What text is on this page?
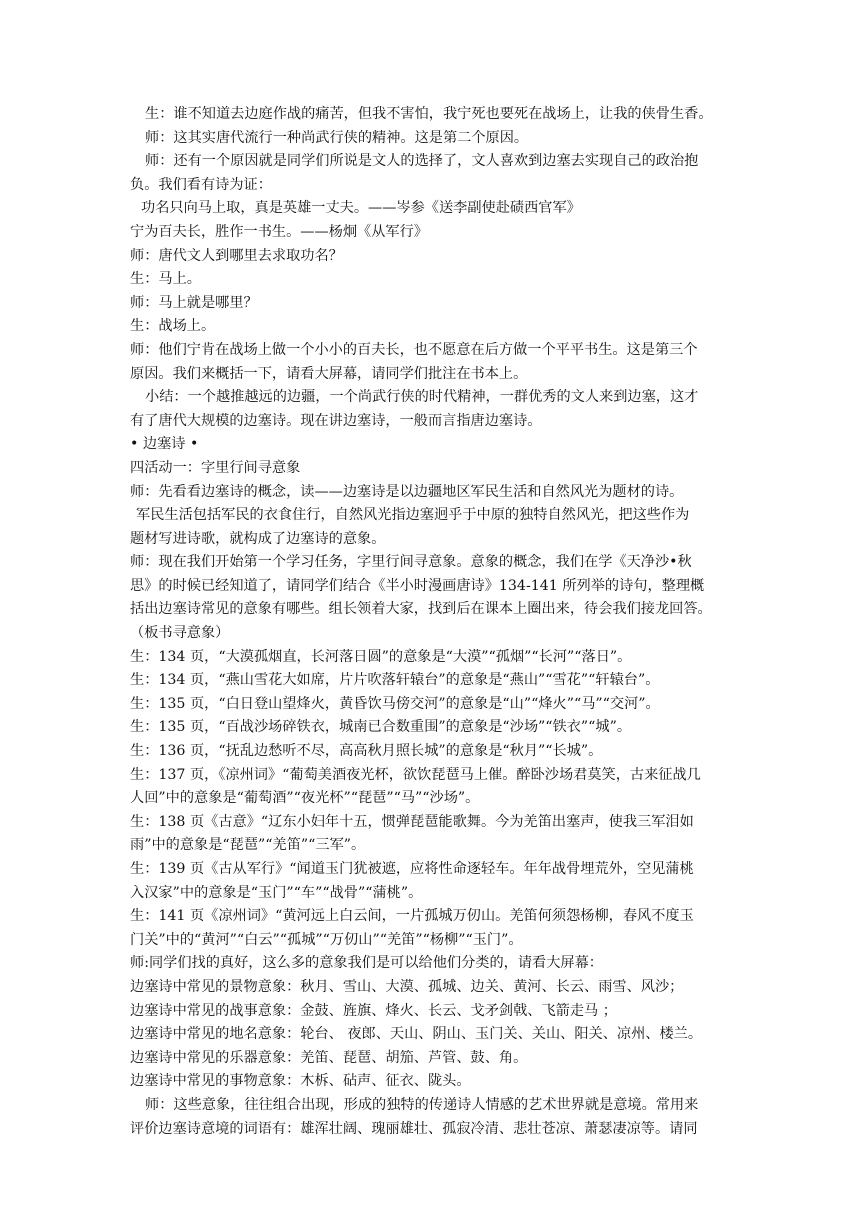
生：谁不知道去边庭作战的痛苦，但我不害怕，我宁死也要死在战场上，让我的侠骨生香。
师：这其实唐代流行一种尚武行侠的精神。这是第二个原因。
师：还有一个原因就是同学们所说是文人的选择了，文人喜欢到边塞去实现自己的政治抱
负。我们看有诗为证：
功名只向马上取，真是英雄一丈夫。——岑参《送李副使赴碛西官军》
宁为百夫长，胜作一书生。——杨炯《从军行》
师：唐代文人到哪里去求取功名？
生：马上。
师：马上就是哪里？
生：战场上。
师：他们宁肯在战场上做一个小小的百夫长，也不愿意在后方做一个平平书生。这是第三个
原因。我们来概括一下，请看大屏幕，请同学们批注在书本上。
小结：一个越推越远的边疆，一个尚武行侠的时代精神，一群优秀的文人来到边塞，这才
有了唐代大规模的边塞诗。现在讲边塞诗，一般而言指唐边塞诗。
• 边塞诗 •
四活动一：字里行间寻意象
师：先看看边塞诗的概念，读——边塞诗是以边疆地区军民生活和自然风光为题材的诗。
军民生活包括军民的衣食住行，自然风光指边塞迥乎于中原的独特自然风光，把这些作为
题材写进诗歌，就构成了边塞诗的意象。
师：现在我们开始第一个学习任务，字里行间寻意象。意象的概念，我们在学《天净沙•秋
思》的时候已经知道了，请同学们结合《半小时漫画唐诗》134-141 所列举的诗句，整理概
括出边塞诗常见的意象有哪些。组长领着大家，找到后在课本上圈出来，待会我们接龙回答。
（板书寻意象）
生：134 页，“大漠孤烟直，长河落日圆”的意象是“大漠”“孤烟”“长河”“落日”。
生：134 页，“燕山雪花大如席，片片吹落轩辕台”的意象是“燕山”“雪花”“轩辕台”。
生：135 页，“白日登山望烽火，黄昏饮马傍交河”的意象是“山”“烽火”“马”“交河”。
生：135 页，“百战沙场碎铁衣，城南已合数重围”的意象是“沙场”“铁衣”“城”。
生：136 页，“抚乱边愁听不尽，高高秋月照长城”的意象是“秋月”“长城”。
生：137 页，《凉州词》“葡萄美酒夜光杯，欲饮琵琶马上催。醉卧沙场君莫笑，古来征战几
人回”中的意象是“葡萄酒”“夜光杯”“琵琶”“马”“沙场”。
生：138 页《古意》“辽东小妇年十五，惯弹琵琶能歌舞。今为羌笛出塞声，使我三军泪如
雨”中的意象是“琵琶”“羌笛”“三军”。
生：139 页《古从军行》“闻道玉门犹被遮，应将性命逐轻车。年年战骨埋荒外，空见蒲桃
入汉家”中的意象是“玉门”“车”“战骨”“蒲桃”。
生：141 页《凉州词》“黄河远上白云间，一片孤城万仞山。羌笛何须怨杨柳，春风不度玉
门关”中的“黄河”“白云”“孤城”“万仞山”“羌笛”“杨柳”“玉门”。
师:同学们找的真好，这么多的意象我们是可以给他们分类的，请看大屏幕：
边塞诗中常见的景物意象：秋月、雪山、大漠、孤城、边关、黄河、长云、雨雪、风沙；
边塞诗中常见的战事意象：金鼓、旌旗、烽火、长云、戈矛剑戟、飞箭走马 ；
边塞诗中常见的地名意象：轮台、 夜郎、天山、阴山、玉门关、关山、阳关、凉州、楼兰。
边塞诗中常见的乐器意象：羌笛、琵琶、胡笳、芦管、鼓、角。
边塞诗中常见的事物意象：木柝、砧声、征衣、陇头。
师：这些意象，往往组合出现，形成的独特的传递诗人情感的艺术世界就是意境。常用来
评价边塞诗意境的词语有：雄浑壮阔、瑰丽雄壮、孤寂冷清、悲壮苍凉、萧瑟凄凉等。请同
